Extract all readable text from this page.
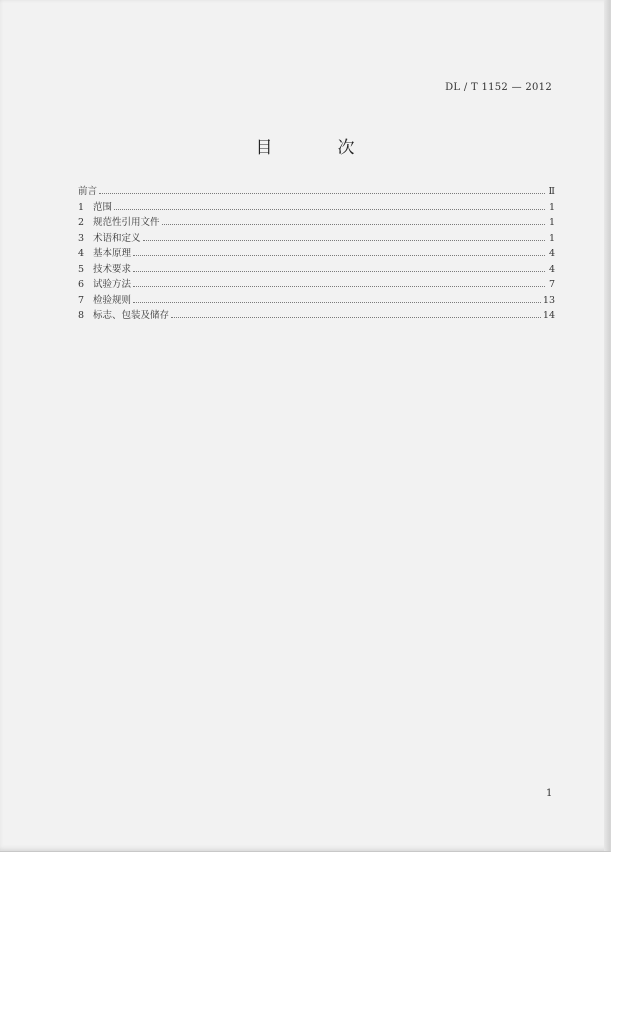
DL / T 1152 — 2012
目　次
前言	Ⅱ
1 范围	1
2 规范性引用文件	1
3 术语和定义	1
4 基本原理	4
5 技术要求	4
6 试验方法	7
7 检验规则	13
8 标志、包装及储存	14
1
